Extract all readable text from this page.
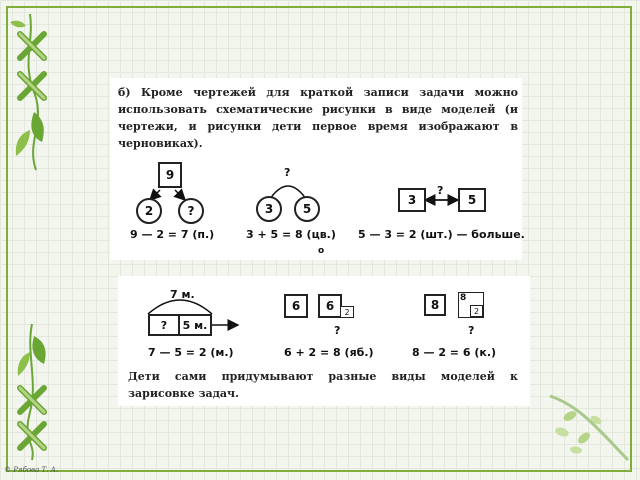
б) Кроме чертежей для краткой записи задачи можно использовать схематические рисунки в виде моделей (и чертежи, и рисунки дети первое время изображают в черновиках).

9
2	?
9 — 2 = 7 (п.)
?
3	5
3 + 5 = 8 (цв.)
?
3	5
5 — 3 = 2 (шт.) — больше.
о
7 м.
?	5 м.
7 — 5 = 2 (м.)
6	6	2
?
6 + 2 = 8 (яб.)
8	8
2
?
8 — 2 = 6 (к.)

Дети сами придумывают разные виды моделей к зарисовке задач.

© Рябова Т. А.
